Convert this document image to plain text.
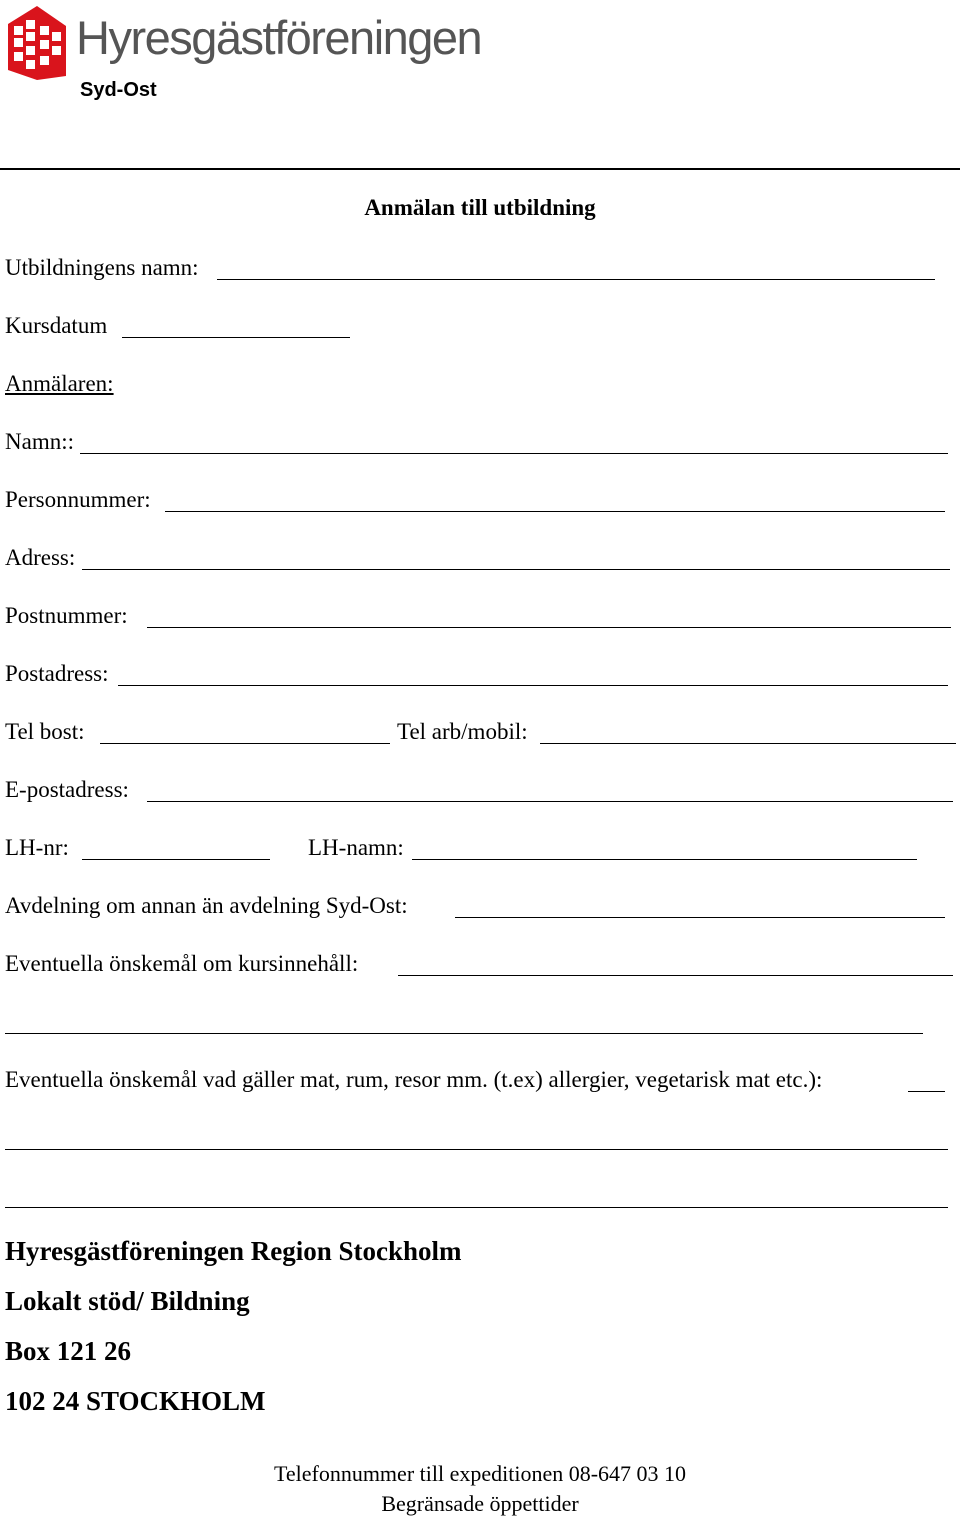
Hyresgästföreningen
Syd-Ost
Anmälan till utbildning
Utbildningens namn:
Kursdatum
Anmälaren:
Namn::
Personnummer:
Adress:
Postnummer:
Postadress:
Tel bost:	Tel arb/mobil:
E-postadress:
LH-nr:	LH-namn:
Avdelning om annan än avdelning Syd-Ost:
Eventuella önskemål om kursinnehåll:
Eventuella önskemål vad gäller mat, rum, resor mm. (t.ex) allergier, vegetarisk mat etc.):
Hyresgästföreningen Region Stockholm
Lokalt stöd/ Bildning
Box 121 26
102 24 STOCKHOLM
Telefonnummer till expeditionen 08-647 03 10
Begränsade öppettider
